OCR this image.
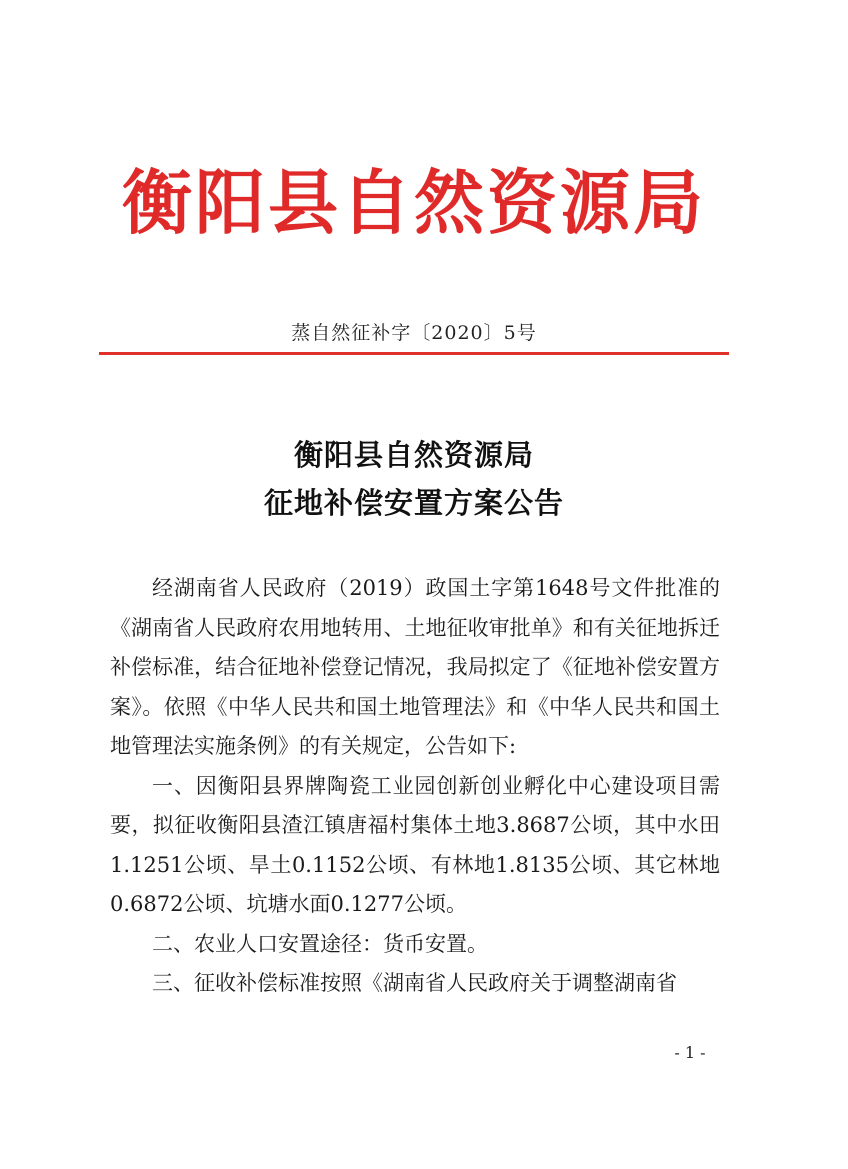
衡阳县自然资源局
蒸自然征补字〔2020〕5号
衡阳县自然资源局
征地补偿安置方案公告

经湖南省人民政府（2019）政国土字第1648号文件批准的《湖南省人民政府农用地转用、土地征收审批单》和有关征地拆迁补偿标准，结合征地补偿登记情况，我局拟定了《征地补偿安置方案》。依照《中华人民共和国土地管理法》和《中华人民共和国土地管理法实施条例》的有关规定，公告如下:

一、因衡阳县界牌陶瓷工业园创新创业孵化中心建设项目需要，拟征收衡阳县渣江镇唐福村集体土地3.8687公顷，其中水田1.1251公顷、旱土0.1152公顷、有林地1.8135公顷、其它林地0.6872公顷、坑塘水面0.1277公顷。

二、农业人口安置途径：货币安置。

三、征收补偿标准按照《湖南省人民政府关于调整湖南省

- 1 -
